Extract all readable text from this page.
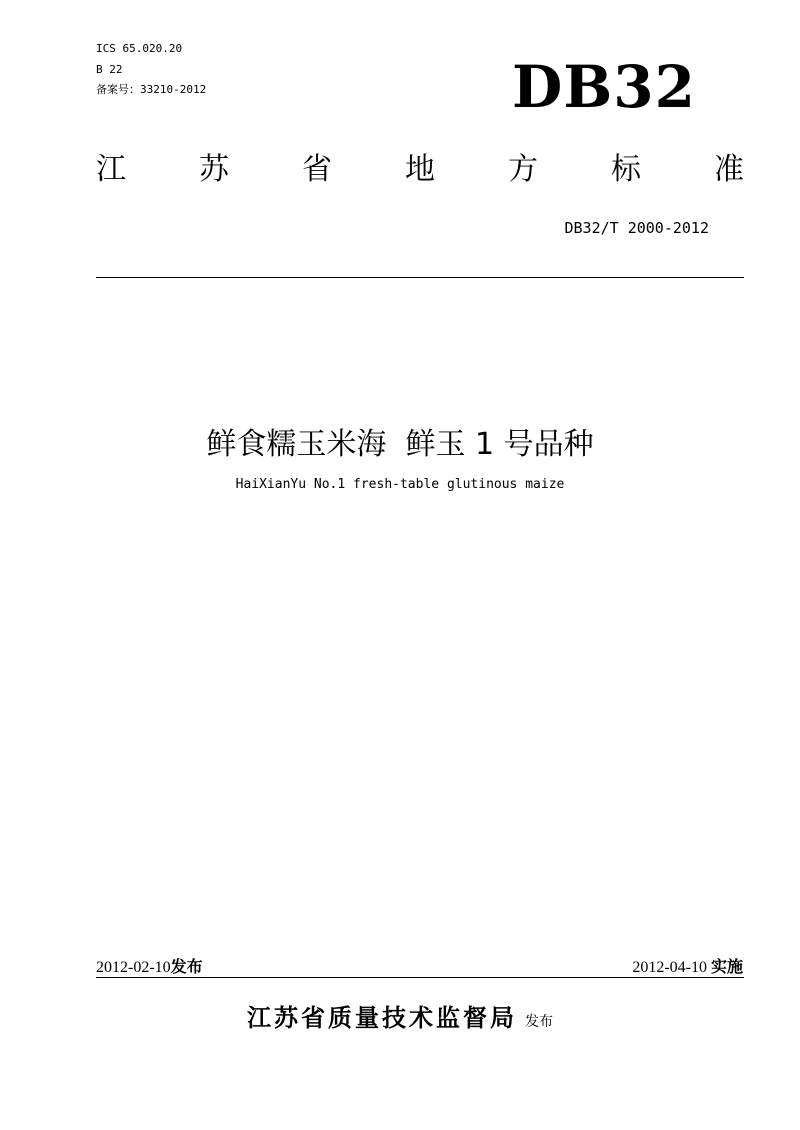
ICS 65.020.20
B 22
备案号：33210-2012	DB32
江 苏 省 地 方 标 准
DB32/T 2000-2012
鲜食糯玉米海  鲜玉 1 号品种
HaiXianYu No.1 fresh-table glutinous maize
2012-02-10发布	2012-04-10 实施
江苏省质量技术监督局 发布
